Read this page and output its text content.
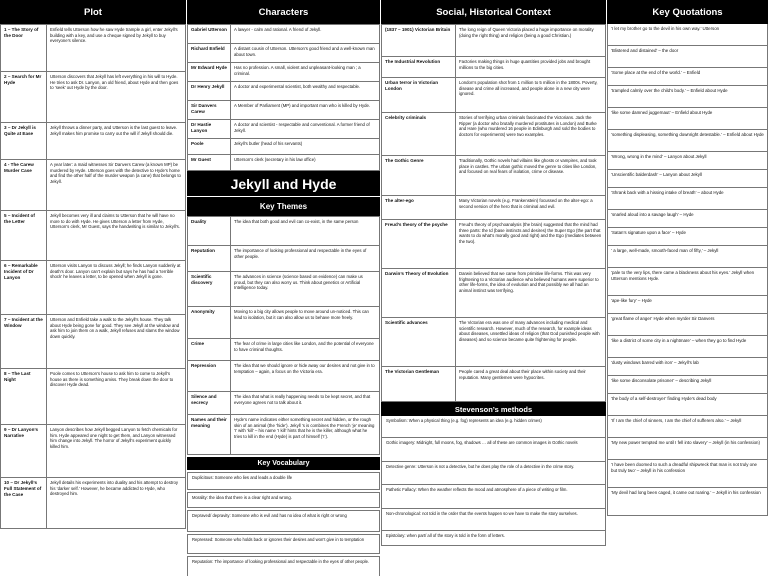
Plot
1 – The Story of the Door	Enfield tells Utterson how he saw Hyde trample a girl, enter Jekyll’s building with a key, and use a cheque signed by Jekyll to buy everyone’s silence.
2 – Search for Mr Hyde	Utterson discovers that Jekyll has left everything in his will to Hyde. He tries to ask Dr. Lanyon, an old friend, about Hyde and then goes to ‘seek’ out Hyde by the door.
3 – Dr Jekyll is Quite at Ease	Jekyll throws a dinner party, and Utterson is the last guest to leave. Jekyll makes him promise to carry out the will if Jekyll should die.
4 - The Carew Murder Case	A year later: a maid witnesses Sir Danvers Carew (a known MP) be murdered by Hyde. Utterson goes with the detective to Hyde’s home and find the other half of the murder weapon (a cane) that belongs to Jekyll.
5 – Incident of the Letter	Jekyll becomes very ill and claims to Utterson that he will have no more to do with Hyde. He gives Utterson a letter from Hyde, Utterson’s clerk, Mr Guest, says the handwriting is similar to Jekyll’s.
6 – Remarkable Incident of Dr Lanyon	Utterson visits Lanyon to discuss Jekyll; he finds Lanyon suddenly at death’s door. Lanyon can’t explain but says he has had a ‘terrible shock’ he leaves a letter, to be opened when Jekyll is gone.
7 – Incident at the Window	Utterson and Enfield take a walk to the Jekyll’s house. They talk about Hyde being gone for good. They see Jekyll at the window and ask him to join them on a walk, Jekyll refuses and slams the window down quickly.
8 – The Last Night	Poole comes to Utterson’s house to ask him to come to Jekyll’s house as there is something amiss. They break down the door to discover Hyde dead.
9 – Dr Lanyon’s Narrative	Lanyon describes how Jekyll begged Lanyon to fetch chemicals for him. Hyde appeared one night to get them, and Lanyon witnessed him change into Jekyll. The horror of Jekyll’s experiment quickly killed him.
10 – Dr Jekyll’s Full Statement of the Case	Jekyll details his experiments into duality and his attempt to destroy his ‘darker self.’ However, he became addicted to Hyde, who destroyed him.
Characters
Gabriel Utterson	A lawyer - calm and rational. A friend of Jekyll.
Richard Enfield	A distant cousin of Utterson. Utterson’s good friend and a well-known man about town.
Mr Edward Hyde	Has no profession. A small, violent and unpleasant-looking man ; a criminal.
Dr Henry Jekyll	A doctor and experimental scientist, both wealthy and respectable.
Sir Danvers Carew	A Member of Parliament (MP) and important man who is killed by Hyde.
Dr Hastie Lanyon	A doctor and scientist - respectable and conventional. A former friend of Jekyll.
Poole	Jekyll’s butler (head of his servants)
Mr Guest	Utterson’s clerk (secretary in his law office)
Jekyll and Hyde
Key Themes
Duality	The idea that both good and evil can co-exist, in the same person
Reputation	The importance of looking professional and respectable in the eyes of other people.
Scientific discovery	The advances in science (science based on evidence) can make us proud, but they can also worry us. Think about genetics or Artificial Intelligence today.
Anonymity	Moving to a big city allows people to move around un-noticed. This can lead to isolation, but it can also allow us to behave more freely.
Crime	The fear of crime in large cities like London, and the potential of everyone to have criminal thoughts.
Repression	The idea that we should ignore or hide away our desires and not give in to temptation – again, a focus on the Victoria era.
Silence and secrecy	The idea that what is really happening needs to be kept secret, and that everyone agrees not to talk about it.
Names and their meaning	Hyde’s name indicates either something secret and hidden, or the rough skin of an animal (the ‘hide’). Jekyll ’s is combines the French ‘je’ meaning ‘I’ with ‘kill’ – his name ‘I kill’ hints that he is the killer, although what he tries to kill in the end (Hyde) is part of himself (‘I’).
Key Vocabulary
Duplicitous: Someone who lies and leads a double life
Morality: the idea that there is a clear right and wrong.
Depraved/ depravity: Someone who is evil and has no idea of what is right or wrong
Repressed: Someone who holds back or ignores their desires and won’t give in to temptation
Reputation: The importance of looking professional and respectable in the eyes of other people.
Social, Historical Context
(1837 – 1901) Victorian Britain	The long reign of Queen Victoria placed a huge importance on morality (doing the right thing) and religion (being a good Christian.)
The Industrial Revolution	Factories making things in huge quantities provided jobs and brought millions to the big cities.
Urban terror in Victorian London	London’s population shot from 1 million to 5 million in the 1800s. Poverty, disease and crime all increased, and people alone in a new city were ignored.
Celebrity criminals	Stories of terrifying urban criminals fascinated the Victorians. Jack the Ripper (a doctor who brutally murdered prostitutes in London) and Burke and Hare (who murdered 16 people in Edinburgh and sold the bodies to doctors for experiments) were two examples.
The Gothic Genre	Traditionally, Gothic novels had villains like ghosts or vampires, and took place in castles. The urban gothic moved the genre to cities like London, and focused on real fears of isolation, crime or disease.
The alter-ego	Many Victorian novels (e.g. Frankenstein) focussed on the alter-ego: a second version of the hero that is criminal and evil.
Freud’s theory of the psyche	Freud’s theory of psychoanalysis (the brain) suggested that the mind had three parts: the Id (base instincts and desires) the Super Ego (the part that wants to do what’s morally good and right) and the Ego (mediates between the two).
Darwin’s Theory of Evolution	Darwin believed that we came from primitive life-forms. This was very frightening to a Victorian audience who believed humans were superior to other life-forms, the idea of evolution and that possibly we all had an animal instinct was terrifying.
Scientific advances	The Victorian era was one of many advances including medical and scientific research. However, much of the research, for example ideas about diseases, unsettled ideas of religion (that God punished people with diseases) and so science became quite frightening for people.
The Victorian Gentleman	People cared a great deal about their place within society and their reputation. Many gentlemen were hypocrites.
Stevenson’s methods
Symbolism: When a physical thing (e.g. fog) represents an idea (e.g. hidden crimes)
Gothic imagery: Midnight, full moons, fog, shadows … all of these are common images in Gothic novels
Detective genre: Utterson is not a detective, but he does play the role of a detective in the crime story.
Pathetic Fallacy: When the weather reflects the mood and atmosphere of a piece of writing or film.
Non-chronological: not told in the order that the events happen so we have to make the story ourselves.
Epistolary: when part/ all of the story is told in the form of letters.
Key Quotations
‘I let my brother go to the devil in his own way.’ Utterson
‘Blistered and distained’ – the door
‘Some place at the end of the world.’ – Enfield
‘trampled calmly over the child’s body.’ – Enfield about Hyde
‘like some damned juggernaut’ – Enfield about Hyde
‘something displeasing, something downright detestable.’ – Enfield about Hyde
‘Wrong, wrong in the mind’ – Lanyon about Jekyll
‘Unscientific balderdash’ – Lanyon about Jekyll
‘Shrank back with a hissing intake of breath’ – about Hyde
‘snarled aloud into a savage laugh’ – Hyde
‘Satan’s signature upon a face’ – Hyde
‘ a large, well-made, smooth-faced man of fifty,’ – Jekyll
‘pale to the very lips, there came a blackness about his eyes.’ Jekyll when Utterson mentions Hyde.
‘ape-like fury’ – Hyde
‘great flame of anger’ Hyde when myrder Sir Danvers
‘like a district of some city in a nightmare’ – when they go to find Hyde
‘dusty windows barred with iron’ – Jekyll’s lab
‘like some disconsolate prisoner’ – describing Jekyll
‘the body of a self-destroyer’ finding Hyde’s dead body
‘If I am the chief of sinners, I am the chief of sufferers also.’ – Jekyll
‘My new power tempted me until I fell into slavery’ – Jekyll (in his confession)
‘I have been doomed to such a dreadful shipwreck that man is not truly one but truly two’ – Jekyll in his confession
‘My devil had long been caged, it came out roaring.’ – Jekyll in his confession
